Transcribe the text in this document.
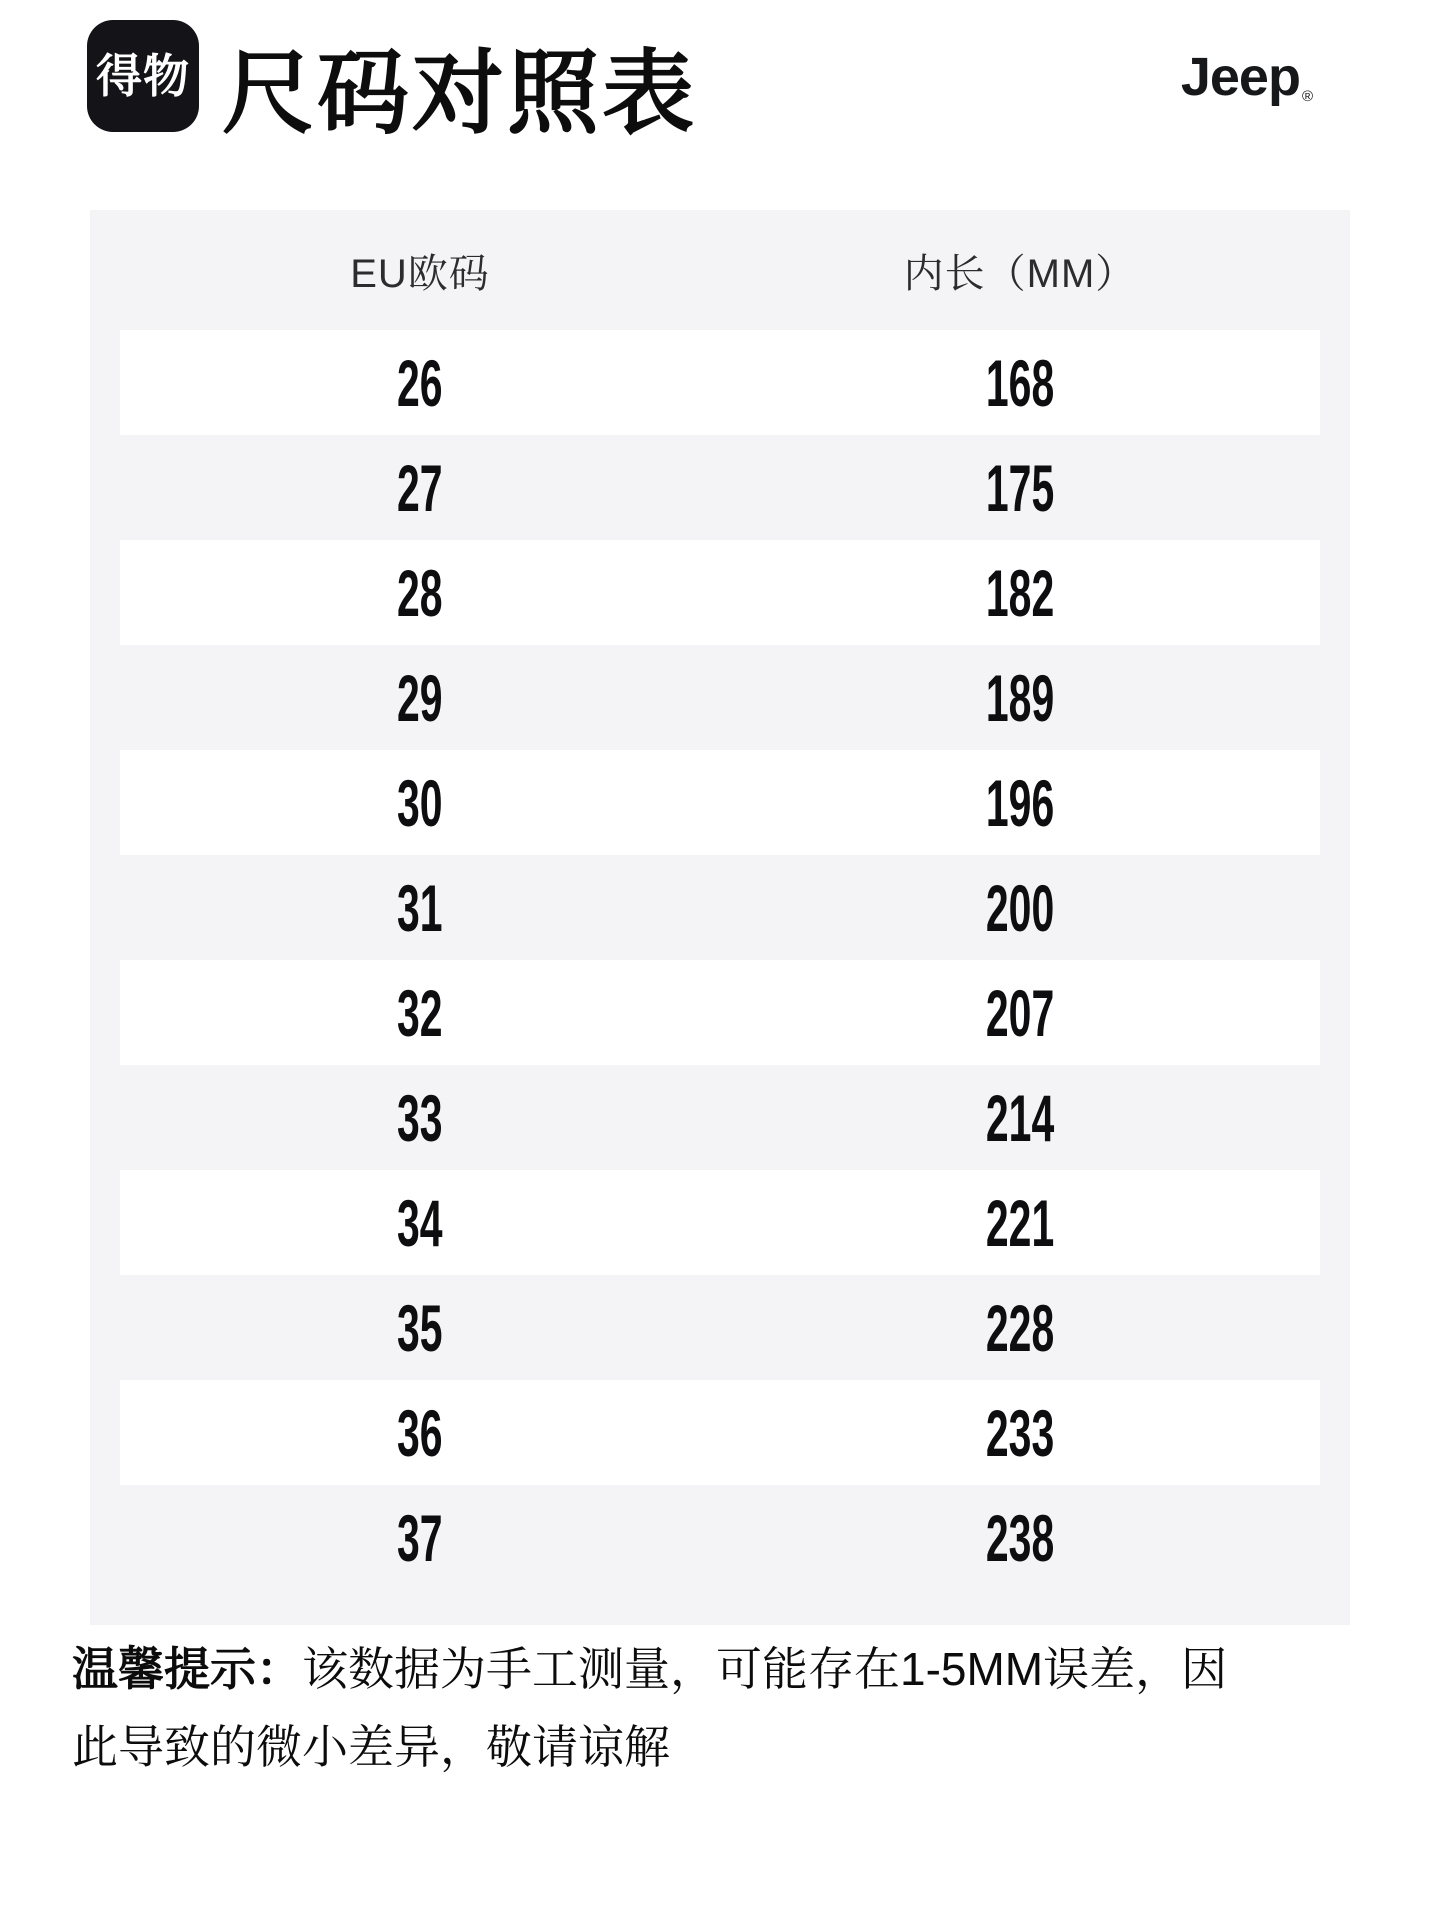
得物 尺码对照表	Jeep ®
EU欧码	内长（MM）
26	168
27	175
28	182
29	189
30	196
31	200
32	207
33	214
34	221
35	228
36	233
37	238
温馨提示：该数据为手工测量，可能存在1-5MM误差，因
此导致的微小差异，敬请谅解
